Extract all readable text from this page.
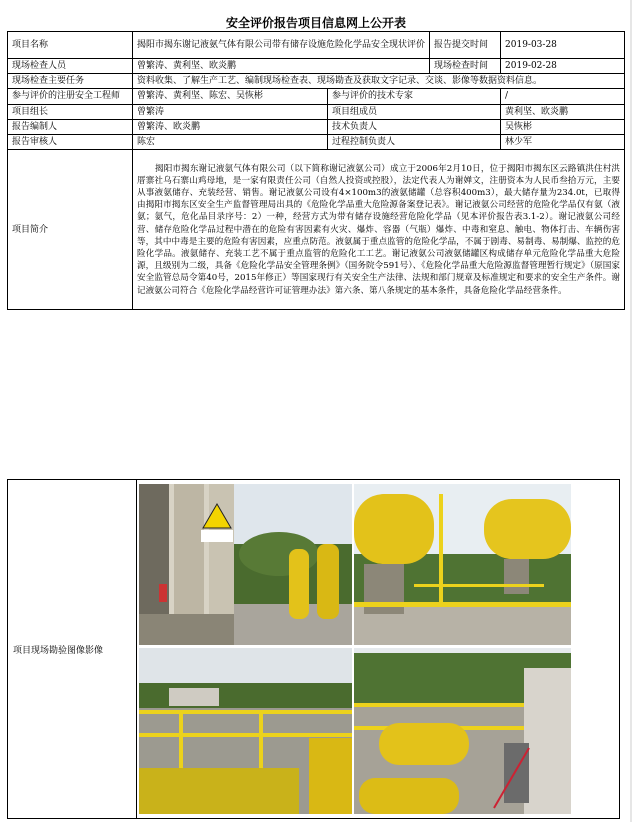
安全评价报告项目信息网上公开表
项目名称	揭阳市揭东谢记液氨气体有限公司带有储存设施危险化学品安全现状评价		报告提交时间	2019-03-28
现场检查人员	曾繁涛、黄利坚、欧炎鹏		现场检查时间	2019-02-28
现场检查主要任务	资料收集、了解生产工艺、编制现场检查表、现场勘查及获取文字记录、交谈、影像等数据资料信息。			
参与评价的注册安全工程师	曾繁涛、黄利坚、陈宏、吴恢彬	参与评价的技术专家		/
项目组长	曾繁涛	项目组成员		黄利坚、欧炎鹏
报告编制人	曾繁涛、欧炎鹏	技术负责人		吴恢彬
报告审核人	陈宏	过程控制负责人		林少军
项目简介	揭阳市揭东谢记液氨气体有限公司（以下简称谢记液氨公司）成立于2006年2月10日，位于揭阳市揭东区云路镇洪住村洪厝寨社乌石寨山鸡母地，是一家有限责任公司（自然人投资或控股），法定代表人为谢婵文，注册资本为人民币叁拾万元，主要从事液氨储存、充装经营、销售。谢记液氨公司设有4×100m3的液氨储罐（总容积400m3），最大储存量为234.0t，已取得由揭阳市揭东区安全生产监督管理局出具的《危险化学品重大危险源备案登记表》。谢记液氨公司经营的危险化学品仅有氨（液氨；氨气，危化品目录序号：2）一种，经营方式为带有储存设施经营危险化学品（见本评价报告表3.1-2）。谢记液氨公司经营、储存危险化学品过程中潜在的危险有害因素有火灾、爆炸、容器（气瓶）爆炸、中毒和窒息、触电、物体打击、车辆伤害等，其中中毒是主要的危险有害因素，应重点防范。液氨属于重点监管的危险化学品，不属于剧毒、易制毒、易制爆、监控的危险化学品。液氨储存、充装工艺不属于重点监管的危险化工工艺。谢记液氨公司液氨储罐区构成储存单元危险化学品重大危险源，且级别为二级，具备《危险化学品安全管理条例》（国务院令591号）、《危险化学品重大危险源监督管理暂行规定》（原国家安全监管总局令第40号，2015年修正）等国家现行有关安全生产法律、法规和部门规章及标准规定和要求的安全生产条件。谢记液氨公司符合《危险化学品经营许可证管理办法》第六条、第八条规定的基本条件，具备危险化学品经营条件。			
项目现场勘验图像影像
